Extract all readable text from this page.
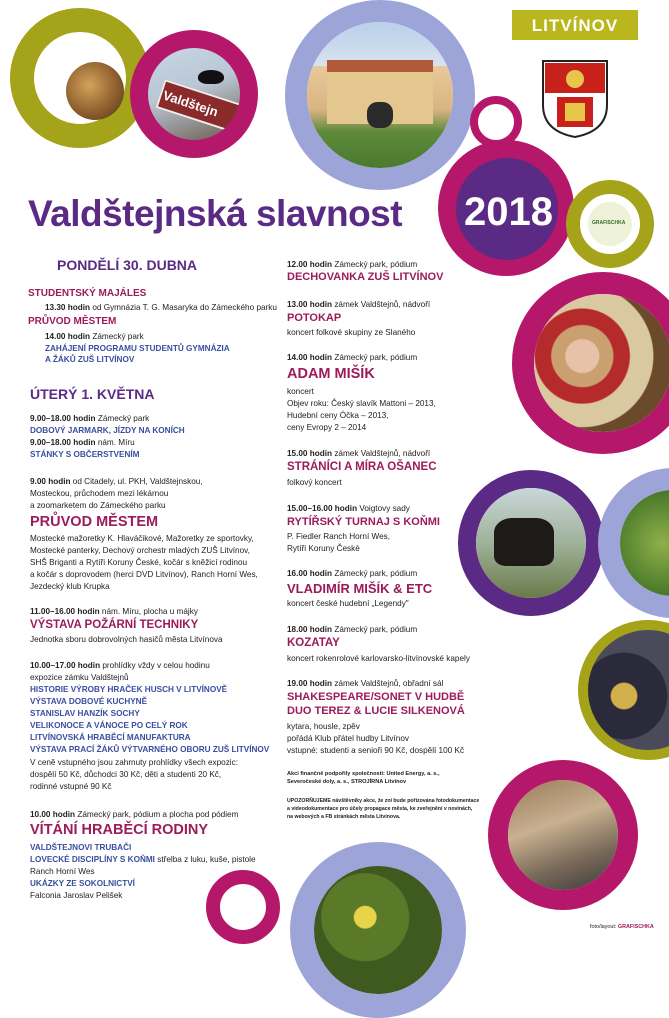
Valdštejn
GRAFISCHKA
LITVÍNOV
Valdštejnská slavnost 2018
PONDĚLÍ 30. DUBNA
STUDENTSKÝ MAJÁLES
13.30 hodin od Gymnázia T. G. Masaryka do Zámeckého parku
PRŮVOD MĚSTEM
14.00 hodin Zámecký park
ZAHÁJENÍ PROGRAMU STUDENTŮ GYMNÁZIA
A ŽÁKŮ ZUŠ LITVÍNOV
ÚTERÝ 1. KVĚTNA
9.00–18.00 hodin Zámecký park
DOBOVÝ JARMARK, JÍZDY NA KONÍCH
9.00–18.00 hodin nám. Míru
STÁNKY S OBČERSTVENÍM
9.00 hodin od Citadely, ul. PKH, Valdštejnskou,
Mosteckou, průchodem mezi lékárnou
a zoomarketem do Zámeckého parku
PRŮVOD MĚSTEM
Mostecké mažoretky K. Hlaváčikové, Mažoretky ze sportovky,
Mostecké panterky, Dechový orchestr mladých ZUŠ Litvínov,
SHŠ Briganti a Rytíři Koruny České, kočár s kněžicí rodinou
a kočár s doprovodem (herci DVD Litvínov), Ranch Horní Wes,
Jezdecký klub Krupka
11.00–16.00 hodin nám. Míru, plocha u májky
VÝSTAVA POŽÁRNÍ TECHNIKY
Jednotka sboru dobrovolných hasičů města Litvínova
10.00–17.00 hodin prohlídky vždy v celou hodinu
expozice zámku Valdštejnů
HISTORIE VÝROBY HRAČEK HUSCH V LITVÍNOVĚ
VÝSTAVA DOBOVÉ KUCHYNĚ
STANISLAV HANZÍK SOCHY
VELIKONOCE A VÁNOCE PO CELÝ ROK
LITVÍNOVSKÁ HRABĚCÍ MANUFAKTURA
VÝSTAVA PRACÍ ŽÁKŮ VÝTVARNÉHO OBORU ZUŠ LITVÍNOV
V ceně vstupného jsou zahrnuty prohlídky všech expozic:
dospělí 50 Kč, důchodci 30 Kč, děti a studenti 20 Kč,
rodinné vstupné 90 Kč
10.00 hodin Zámecký park, pódium a plocha pod pódiem
VÍTÁNÍ HRABĚCÍ RODINY
VALDŠTEJNOVI TRUBAČI
LOVECKÉ DISCIPLÍNY S KOŇMI střelba z luku, kuše, pistole
Ranch Horní Wes
UKÁZKY ZE SOKOLNICTVÍ
Falconia Jaroslav Pelišek
12.00 hodin Zámecký park, pódium
DECHOVANKA ZUŠ LITVÍNOV
13.00 hodin zámek Valdštejnů, nádvoří
POTOKAP
koncert folkové skupiny ze Slaného
14.00 hodin Zámecký park, pódium
ADAM MIŠÍK
koncert
Objev roku: Český slavík Mattoni – 2013,
Hudební ceny Óčka – 2013,
ceny Evropy 2 – 2014
15.00 hodin zámek Valdštejnů, nádvoří
STRÁNÍCI A MÍRA OŠANEC
folkový koncert
15.00–16.00 hodin Voigtovy sady
RYTÍŘSKÝ TURNAJ S KOŇMI
P. Fiedler Ranch Horní Wes,
Rytíři Koruny České
16.00 hodin Zámecký park, pódium
VLADIMÍR MIŠÍK & ETC
koncert české hudební „Legendy"
18.00 hodin Zámecký park, pódium
KOZATAY
koncert rokenrolové karlovarsko-litvínovské kapely
19.00 hodin zámek Valdštejnů, obřadní sál
SHAKESPEARE/SONET V HUDBĚ
DUO TEREZ & LUCIE SILKENOVÁ
kytara, housle, zpěv
pořádá Klub přátel hudby Litvínov
vstupné: studenti a senioři 90 Kč, dospělí 100 Kč
Akci finančně podpořily společnosti: United Energy, a. s.,
Severočeské doly, a. s., STROJÍRNA Litvínov
UPOZORŇUJEME návštěvníky akce, že zní bude pořizována fotodokumentace
a videodokumentace pro účely propagace města, ke zveřejnění v novinách,
na webových a FB stránkách města Litvínova.
foto/layout: GRAFISCHKA
